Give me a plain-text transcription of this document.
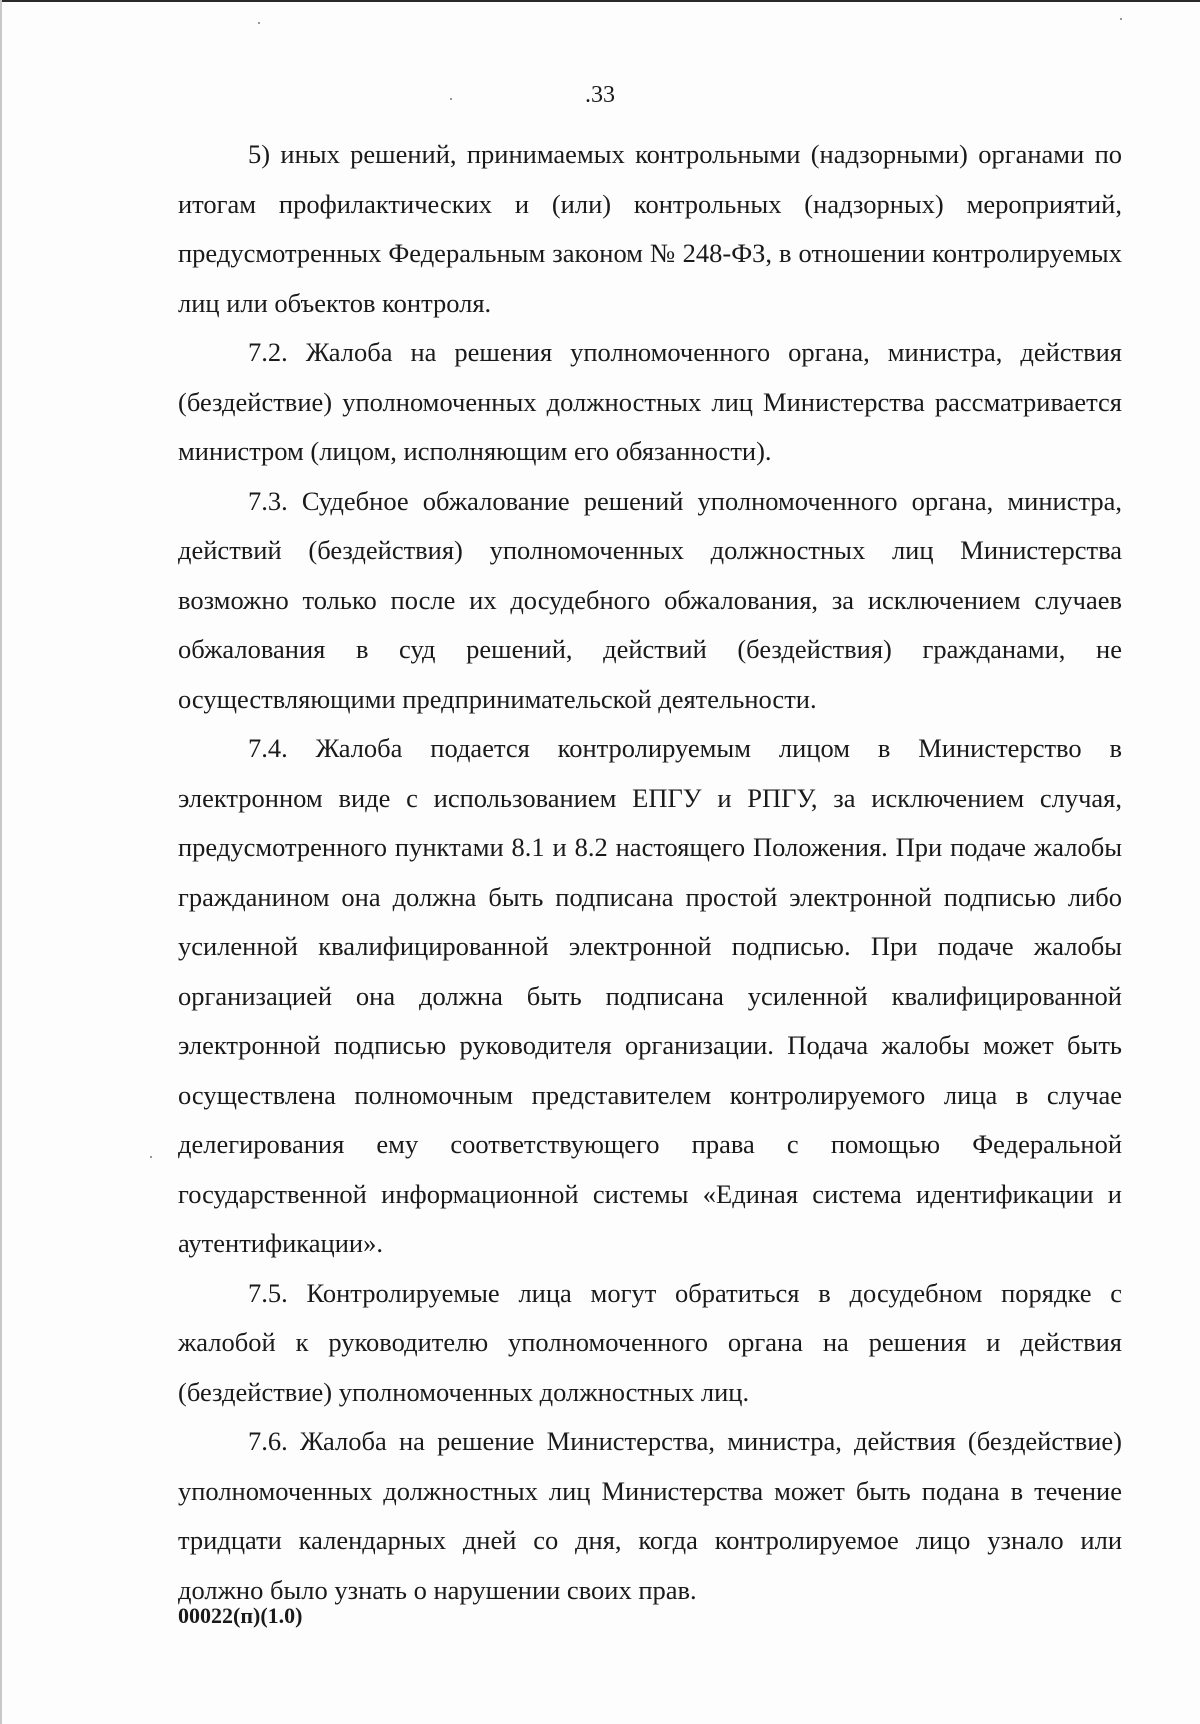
.33

5) иных решений, принимаемых контрольными (надзорными) органами по итогам профилактических и (или) контрольных (надзорных) мероприятий, предусмотренных Федеральным законом № 248-ФЗ, в отношении контролируемых лиц или объектов контроля.

7.2. Жалоба на решения уполномоченного органа, министра, действия (бездействие) уполномоченных должностных лиц Министерства рассматривается министром (лицом, исполняющим его обязанности).

7.3. Судебное обжалование решений уполномоченного органа, министра, действий (бездействия) уполномоченных должностных лиц Министерства возможно только после их досудебного обжалования, за исключением случаев обжалования в суд решений, действий (бездействия) гражданами, не осуществляющими предпринимательской деятельности.

7.4. Жалоба подается контролируемым лицом в Министерство в электронном виде с использованием ЕПГУ и РПГУ, за исключением случая, предусмотренного пунктами 8.1 и 8.2 настоящего Положения. При подаче жалобы гражданином она должна быть подписана простой электронной подписью либо усиленной квалифицированной электронной подписью. При подаче жалобы организацией она должна быть подписана усиленной квалифицированной электронной подписью руководителя организации. Подача жалобы может быть осуществлена полномочным представителем контролируемого лица в случае делегирования ему соответствующего права с помощью Федеральной государственной информационной системы «Единая система идентификации и аутентификации».

7.5. Контролируемые лица могут обратиться в досудебном порядке с жалобой к руководителю уполномоченного органа на решения и действия (бездействие) уполномоченных должностных лиц.

7.6. Жалоба на решение Министерства, министра, действия (бездействие) уполномоченных должностных лиц Министерства может быть подана в течение тридцати календарных дней со дня, когда контролируемое лицо узнало или должно было узнать о нарушении своих прав.

00022(п)(1.0)
